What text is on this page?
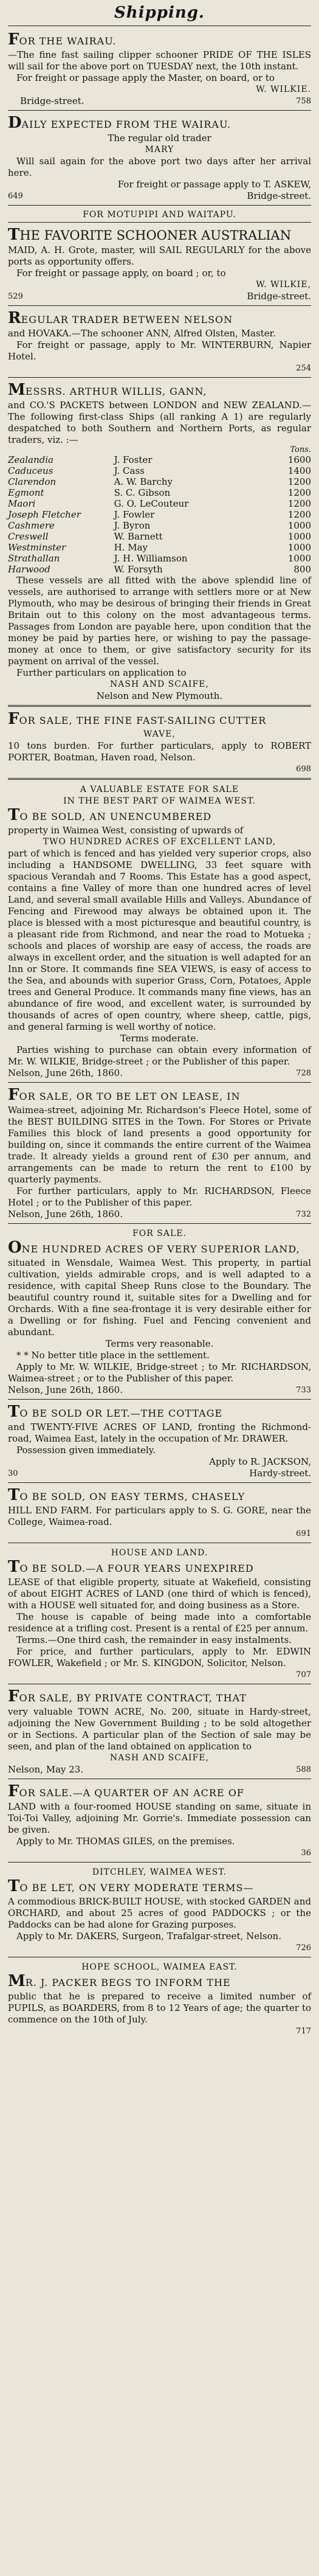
Shipping.
FOR THE WAIRAU.

—The fine fast sailing clipper schooner PRIDE OF THE ISLES will sail for the above port on TUESDAY next, the 10th instant.

For freight or passage apply the Master, on board, or to

W. WILKIE.

Bridge-street.	758
DAILY EXPECTED FROM THE WAIRAU.

The regular old trader

MARY

Will sail again for the above port two days after her arrival here.

For freight or passage apply to T. ASKEW,

649	Bridge-street.
FOR MOTUPIPI AND WAITAPU.
THE FAVORITE SCHOONER AUSTRALIAN

MAID, A. H. Grote, master, will SAIL REGULARLY for the above ports as opportunity offers.

For freight or passage apply, on board ; or, to

W. WILKIE,

529	Bridge-street.
REGULAR TRADER BETWEEN NELSON

and HOVAKA.—The schooner ANN, Alfred Olsten, Master.

For freight or passage, apply to Mr. WINTERBURN, Napier Hotel.

254
MESSRS. ARTHUR WILLIS, GANN,

and CO.'S PACKETS between LONDON and NEW ZEALAND.—The following first-class Ships (all ranking A 1) are regularly despatched to both Southern and Northern Ports, as regular traders, viz. :—

Tons.
Zealandia	J. Foster	1600
Caduceus	J. Cass	1400
Clarendon	A. W. Barchy	1200
Egmont	S. C. Gibson	1200
Maori	G. O. LeCouteur	1200
Joseph Fletcher	J. Fowler	1200
Cashmere	J. Byron	1000
Creswell	W. Barnett	1000
Westminster	H. May	1000
Strathallan	J. H. Williamson	1000
Harwood	W. Forsyth	800

These vessels are all fitted with the above splendid line of vessels, are authorised to arrange with settlers more or at New Plymouth, who may be desirous of bringing their friends in Great Britain out to this colony on the most advantageous terms. Passages from London are payable here, upon condition that the money be paid by parties here, or wishing to pay the passage-money at once to them, or give satisfactory security for its payment on arrival of the vessel.

Further particulars on application to

NASH AND SCAIFE,

Nelson and New Plymouth.

FOR SALE, THE FINE FAST-SAILING CUTTER

WAVE,

10 tons burden. For further particulars, apply to ROBERT PORTER, Boatman, Haven road, Nelson.

698
A VALUABLE ESTATE FOR SALE
IN THE BEST PART OF WAIMEA WEST.
TO BE SOLD, AN UNENCUMBERED

property in Waimea West, consisting of upwards of

TWO HUNDRED ACRES OF EXCELLENT LAND,

part of which is fenced and has yielded very superior crops, also including a HANDSOME DWELLING, 33 feet square with spacious Verandah and 7 Rooms. This Estate has a good aspect, contains a fine Valley of more than one hundred acres of level Land, and several small available Hills and Valleys. Abundance of Fencing and Firewood may always be obtained upon it. The place is blessed with a most picturesque and beautiful country, is a pleasant ride from Richmond, and near the road to Motueka ; schools and places of worship are easy of access, the roads are always in excellent order, and the situation is well adapted for an Inn or Store. It commands fine SEA VIEWS, is easy of access to the Sea, and abounds with superior Grass, Corn, Potatoes, Apple trees and General Produce. It commands many fine views, has an abundance of fire wood, and excellent water, is surrounded by thousands of acres of open country, where sheep, cattle, pigs, and general farming is well worthy of notice.

Terms moderate.

Parties wishing to purchase can obtain every information of Mr. W. WILKIE, Bridge-street ; or the Publisher of this paper.

Nelson, June 26th, 1860.	728
FOR SALE, OR TO BE LET ON LEASE, IN

Waimea-street, adjoining Mr. Richardson's Fleece Hotel, some of the BEST BUILDING SITES in the Town. For Stores or Private Families this block of land presents a good opportunity for building on, since it commands the entire current of the Waimea trade. It already yields a ground rent of £30 per annum, and arrangements can be made to return the rent to £100 by quarterly payments.

For further particulars, apply to Mr. RICHARDSON, Fleece Hotel ; or to the Publisher of this paper.

Nelson, June 26th, 1860.	732
FOR SALE.
ONE HUNDRED ACRES OF VERY SUPERIOR LAND,

situated in Wensdale, Waimea West. This property, in partial cultivation, yields admirable crops, and is well adapted to a residence, with capital Sheep Runs close to the Boundary. The beautiful country round it, suitable sites for a Dwelling and for Orchards. With a fine sea-frontage it is very desirable either for a Dwelling or for fishing. Fuel and Fencing convenient and abundant.

Terms very reasonable.

* * No better title place in the settlement.

Apply to Mr. W. WILKIE, Bridge-street ; to Mr. RICHARDSON, Waimea-street ; or to the Publisher of this paper.

Nelson, June 26th, 1860.	733
TO BE SOLD OR LET.—THE COTTAGE

and TWENTY-FIVE ACRES OF LAND, fronting the Richmond-road, Waimea East, lately in the occupation of Mr. DRAWER.

Possession given immediately.

Apply to R. JACKSON,

30	Hardy-street.
TO BE SOLD, ON EASY TERMS, CHASELY

HILL END FARM. For particulars apply to S. G. GORE, near the College, Waimea-road.

691
HOUSE AND LAND.
TO BE SOLD.—A FOUR YEARS UNEXPIRED

LEASE of that eligible property, situate at Wakefield, consisting of about EIGHT ACRES of LAND (one third of which is fenced), with a HOUSE well situated for, and doing business as a Store.

The house is capable of being made into a comfortable residence at a trifling cost. Present is a rental of £25 per annum.

Terms.—One third cash, the remainder in easy instalments.

For price, and further particulars, apply to Mr. EDWIN FOWLER, Wakefield ; or Mr. S. KINGDON, Solicitor, Nelson.

707
FOR SALE, BY PRIVATE CONTRACT, THAT

very valuable TOWN ACRE, No. 200, situate in Hardy-street, adjoining the New Government Building ; to be sold altogether or in Sections. A particular plan of the Section of sale may be seen, and plan of the land obtained on application to

NASH AND SCAIFE,

Nelson, May 23.	588
FOR SALE.—A QUARTER OF AN ACRE OF

LAND with a four-roomed HOUSE standing on same, situate in Toi-Toi Valley, adjoining Mr. Gorrie's. Immediate possession can be given.

Apply to Mr. THOMAS GILES, on the premises.

36
DITCHLEY, WAIMEA WEST.
TO BE LET, ON VERY MODERATE TERMS—

A commodious BRICK-BUILT HOUSE, with stocked GARDEN and ORCHARD, and about 25 acres of good PADDOCKS ; or the Paddocks can be had alone for Grazing purposes.

Apply to Mr. DAKERS, Surgeon, Trafalgar-street, Nelson.

726
HOPE SCHOOL, WAIMEA EAST.
MR. J. PACKER BEGS TO INFORM THE

public that he is prepared to receive a limited number of PUPILS, as BOARDERS, from 8 to 12 Years of age; the quarter to commence on the 10th of July.

717
